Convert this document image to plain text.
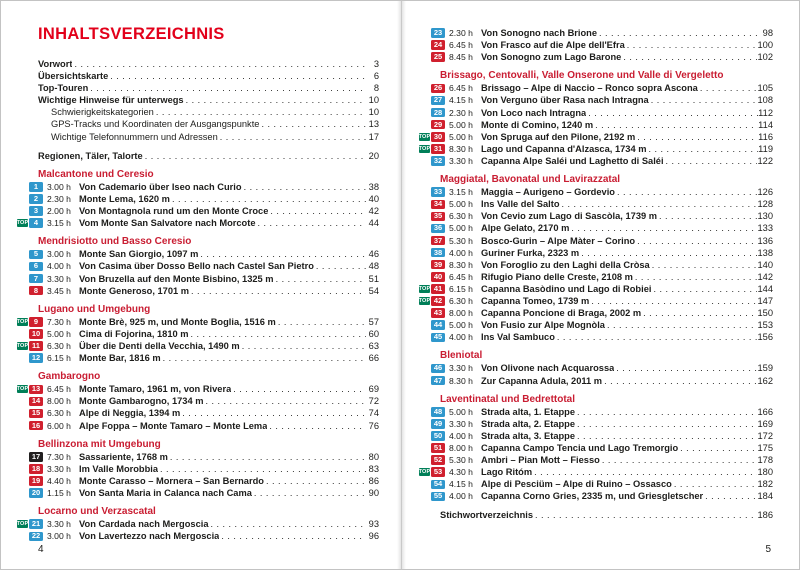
INHALTSVERZEICHNIS
Vorwort . . .	3
Übersichtskarte . . .	6
Top-Touren . . .	8
Wichtige Hinweise für unterwegs . . .	10
Schwierigkeitskategorien . . .	10
GPS-Tracks und Koordinaten der Ausgangspunkte . . .	13
Wichtige Telefonnummern und Adressen . . .	17
Regionen, Täler, Talorte . . .	20
Malcantone und Ceresio
1	3.00 h Von Cademario über Iseo nach Curio . . .	38
2	2.30 h Monte Lema, 1620 m . . .	40
3	2.00 h Von Montagnola rund um den Monte Croce . . .	42
TOP 4	3.15 h Vom Monte San Salvatore nach Morcote . . .	44
Mendrisiotto und Basso Ceresio
5	3.00 h Monte San Giorgio, 1097 m . . .	46
6	4.00 h Von Casima über Dosso Bello nach Castel San Pietro . . .	48
7	3.30 h Von Bruzella auf den Monte Bisbino, 1325 m . . .	51
8	3.45 h Monte Generoso, 1701 m . . .	54
Lugano und Umgebung
TOP 9	7.30 h Monte Brè, 925 m, und Monte Boglia, 1516 m . . .	57
10 5.00 h Cima di Fojorina, 1810 m . . .	60
TOP 11 6.30 h Über die Denti della Vecchia, 1490 m . . .	63
12 6.15 h Monte Bar, 1816 m . . .	66
Gambarogno
TOP 13 6.45 h Monte Tamaro, 1961 m, von Rivera . . .	69
14 8.00 h Monte Gambarogno, 1734 m . . .	72
15 6.30 h Alpe di Neggia, 1394 m . . .	74
16 6.00 h Alpe Foppa – Monte Tamaro – Monte Lema . . .	76
Bellinzona mit Umgebung
17 7.30 h Sassariente, 1768 m . . .	80
18 3.30 h Im Valle Morobbia . . .	83
19 4.40 h Monte Carasso – Mornera – San Bernardo . . .	86
20 1.15 h Von Santa Maria in Calanca nach Cama . . .	90
Locarno und Verzascatal
TOP 21 3.30 h Von Cardada nach Mergoscia . . .	93
22 3.00 h Von Lavertezzo nach Mergoscia . . .	96
4
23 2.30 h Von Sonogno nach Brione . . .	98
24 6.45 h Von Frasco auf die Alpe dell'Efra . . .	100
25 8.45 h Von Sonogno zum Lago Barone . . .	102
Brissago, Centovalli, Valle Onserone und Valle di Vergeletto
26 6.45 h Brissago – Alpe di Naccio – Ronco sopra Ascona . . .	105
27 4.15 h Von Verguno über Rasa nach Intragna . . .	108
28 2.30 h Von Loco nach Intragna . . .	112
29 5.00 h Monte di Comino, 1240 m . . .	114
TOP 30 5.00 h Von Spruga auf den Pilone, 2192 m . . .	116
TOP 31 8.30 h Lago und Capanna d'Alzasca, 1734 m . . .	119
32 3.30 h Capanna Alpe Saléi und Laghetto di Saléi . . .	122
Maggiatal, Bavonatal und Lavirazzatal
33 3.15 h Maggia – Aurigeno – Gordevio . . .	126
34 5.00 h Ins Valle del Salto . . .	128
35 6.30 h Von Cevio zum Lago di Sascòla, 1739 m . . .	130
36 5.00 h Alpe Gelato, 2170 m . . .	133
37 5.30 h Bosco-Gurin – Alpe Màter – Corino . . .	136
38 4.00 h Guriner Furka, 2323 m . . .	138
39 8.30 h Von Foroglio zu den Laghi della Cròsa . . .	140
40 6.45 h Rifugio Piano delle Creste, 2108 m . . .	142
TOP 41 6.15 h Capanna Basòdino und Lago di Robiei . . .	144
TOP 42 6.30 h Capanna Tomeo, 1739 m . . .	147
43 8.00 h Capanna Poncione di Braga, 2002 m . . .	150
44 5.00 h Von Fusio zur Alpe Mognòla . . .	153
45 4.00 h Ins Val Sambuco . . .	156
Bleniotal
46 3.30 h Von Olivone nach Acquarossa . . .	159
47 8.30 h Zur Capanna Adula, 2011 m . . .	162
Laventinatal und Bedrettotal
48 5.00 h Strada alta, 1. Etappe . . .	166
49 3.30 h Strada alta, 2. Etappe . . .	169
50 4.00 h Strada alta, 3. Etappe . . .	172
51 8.00 h Capanna Campo Tencia und Lago Tremorgio . . .	175
52 5.30 h Ambri – Pian Mott – Fiesso . . .	178
TOP 53 4.30 h Lago Ritóm . . .	180
54 4.15 h Alpe di Pesciüm – Alpe di Ruino – Ossasco . . .	182
55 4.00 h Capanna Corno Gries, 2335 m, und Griesgletscher . . .	184
Stichwortverzeichnis . . .	186
5
